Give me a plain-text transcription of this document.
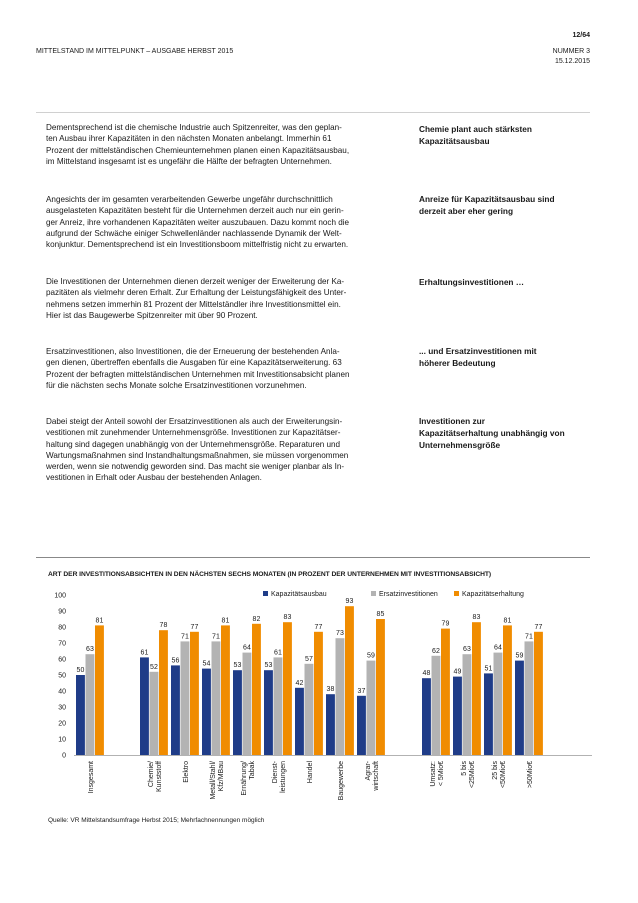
12/64
MITTELSTAND IM MITTELPUNKT – AUSGABE HERBST 2015	NUMMER 3
15.12.2015

Dementsprechend ist die chemische Industrie auch Spitzenreiter, was den geplan-
ten Ausbau ihrer Kapazitäten in den nächsten Monaten anbelangt. Immerhin 61
Prozent der mittelständischen Chemieunternehmen planen einen Kapazitätsausbau,
im Mittelstand insgesamt ist es ungefähr die Hälfte der befragten Unternehmen.

Angesichts der im gesamten verarbeitenden Gewerbe ungefähr durchschnittlich
ausgelasteten Kapazitäten besteht für die Unternehmen derzeit auch nur ein gerin-
ger Anreiz, ihre vorhandenen Kapazitäten weiter auszubauen. Dazu kommt noch die
aufgrund der Schwäche einiger Schwellenländer nachlassende Dynamik der Welt-
konjunktur. Dementsprechend ist ein Investitionsboom mittelfristig nicht zu erwarten.

Die Investitionen der Unternehmen dienen derzeit weniger der Erweiterung der Ka-
pazitäten als vielmehr deren Erhalt. Zur Erhaltung der Leistungsfähigkeit des Unter-
nehmens setzen immerhin 81 Prozent der Mittelständler ihre Investitionsmittel ein.
Hier ist das Baugewerbe Spitzenreiter mit über 90 Prozent.

Ersatzinvestitionen, also Investitionen, die der Erneuerung der bestehenden Anla-
gen dienen, übertreffen ebenfalls die Ausgaben für eine Kapazitätserweiterung. 63
Prozent der befragten mittelständischen Unternehmen mit Investitionsabsicht planen
für die nächsten sechs Monate solche Ersatzinvestitionen vorzunehmen.

Dabei steigt der Anteil sowohl der Ersatzinvestitionen als auch der Erweiterungsin-
vestitionen mit zunehmender Unternehmensgröße. Investitionen zur Kapazitätser-
haltung sind dagegen unabhängig von der Unternehmensgröße. Reparaturen und
Wartungsmaßnahmen sind Instandhaltungsmaßnahmen, sie müssen vorgenommen
werden, wenn sie notwendig geworden sind. Das macht sie weniger planbar als In-
vestitionen in Erhalt oder Ausbau der bestehenden Anlagen.

Chemie plant auch stärksten
Kapazitätsausbau

Anreize für Kapazitätsausbau sind
derzeit aber eher gering

Erhaltungsinvestitionen …

... und Ersatzinvestitionen mit
höherer Bedeutung

Investitionen zur
Kapazitätserhaltung unabhängig von
Unternehmensgröße

ART DER INVESTITIONSABSICHTEN IN DEN NÄCHSTEN SECHS MONATEN (IN PROZENT DER UNTERNEHMEN MIT INVESTITIONSABSICHT)
0
10
20
30
40
50
60
70
80
90
100
50
61
56	54	53	53
42
38	37
48	49	51
59
63
52
71	71
64
61
57
73
59
62	63	64
71
81
78	77
81	82	83
77
93
85
79
83	81
77
Insgesamt	Chemie/ Kunststoff	Elektro	Metall/Stahl/ Kfz/MBau Ernährung/ Tabak Dienst- leistungen	Handel	Baugewerbe	Agrar- wirtschaft	Umsatz: < 5Mio€ 5 bis <25Mio€ 25 bis <50Mio€	>50Mio€
Kapazitätsausbau	Ersatzinvestitionen	Kapazitätserhaltung
Quelle: VR Mittelstandsumfrage Herbst 2015; Mehrfachnennungen möglich
